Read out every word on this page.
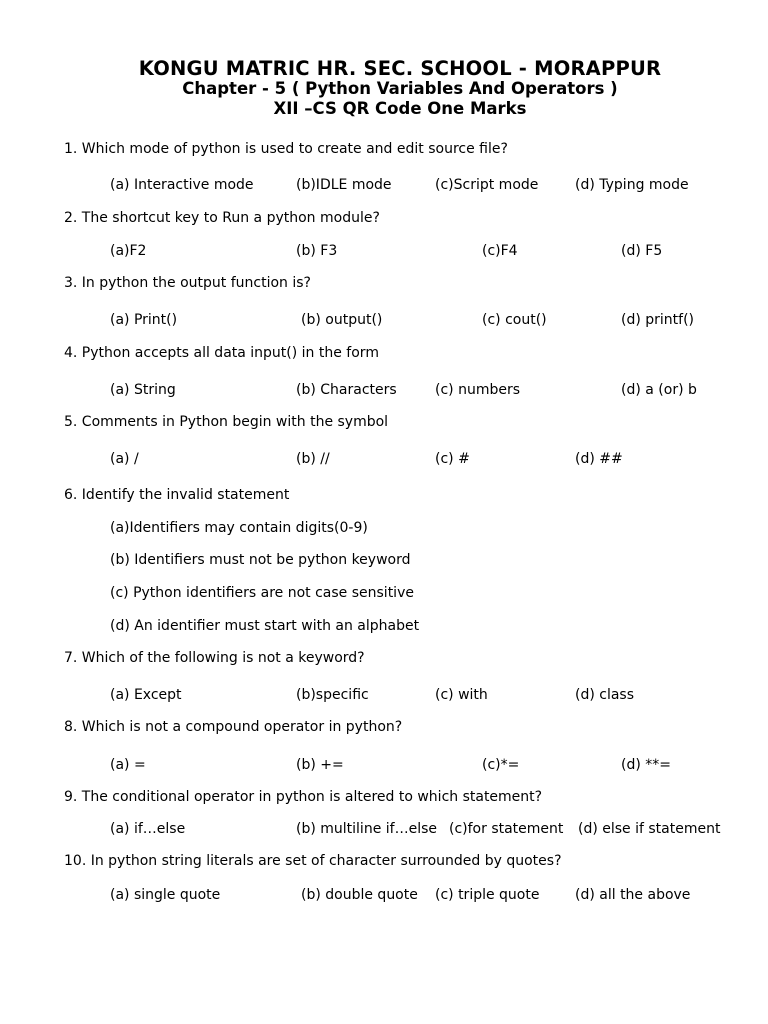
KONGU MATRIC HR. SEC. SCHOOL - MORAPPUR
Chapter - 5 ( Python Variables And Operators )
XII –CS QR Code One Marks
1. Which mode of python is used to create and edit source file?
(a) Interactive mode	(b)IDLE mode	(c)Script mode	(d) Typing mode
2. The shortcut key to Run a python module?
(a)F2	(b) F3	(c)F4	(d) F5
3. In python the output function is?
(a) Print()	(b) output()	(c) cout()	(d) printf()
4. Python accepts all data input() in the form
(a) String	(b) Characters	(c) numbers	(d) a (or) b
5. Comments in Python begin with the symbol
(a) /	(b) //	(c) #	(d) ##
6. Identify the invalid statement
(a)Identifiers may contain digits(0-9)
(b) Identifiers must not be python keyword
(c) Python identifiers are not case sensitive
(d) An identifier must start with an alphabet
7. Which of the following is not a keyword?
(a) Except	(b)specific	(c) with	(d) class
8. Which is not a compound operator in python?
(a) =	(b) +=	(c)*=	(d) **=
9. The conditional operator in python is altered to which statement?
(a) if…else	(b) multiline if…else (c)for statement (d) else if statement
10. In python string literals are set of character surrounded by quotes?
(a) single quote	(b) double quote (c) triple quote	(d) all the above
